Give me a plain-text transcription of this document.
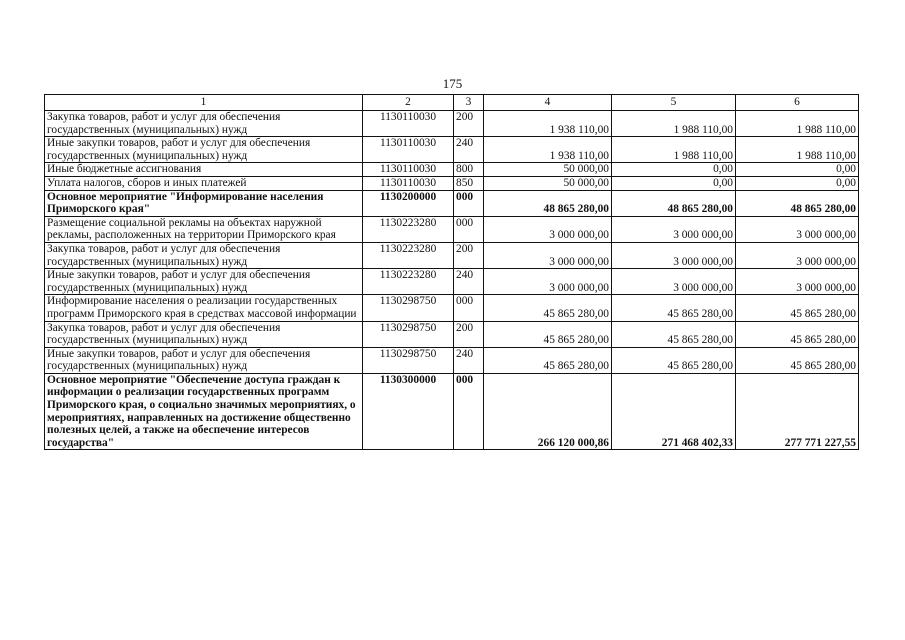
175
1	2	3	4	5	6
Закупка товаров, работ и услуг для обеспечения государственных (муниципальных) нужд	1130110030	200	1 938 110,00	1 988 110,00	1 988 110,00
Иные закупки товаров, работ и услуг для обеспечения государственных (муниципальных) нужд	1130110030	240	1 938 110,00	1 988 110,00	1 988 110,00
Иные бюджетные ассигнования	1130110030	800	50 000,00	0,00	0,00
Уплата налогов, сборов и иных платежей	1130110030	850	50 000,00	0,00	0,00
Основное мероприятие "Информирование населения Приморского края"	1130200000	000	48 865 280,00	48 865 280,00	48 865 280,00
Размещение социальной рекламы на объектах наружной рекламы, расположенных на территории Приморского края	1130223280	000	3 000 000,00	3 000 000,00	3 000 000,00
Закупка товаров, работ и услуг для обеспечения государственных (муниципальных) нужд	1130223280	200	3 000 000,00	3 000 000,00	3 000 000,00
Иные закупки товаров, работ и услуг для обеспечения государственных (муниципальных) нужд	1130223280	240	3 000 000,00	3 000 000,00	3 000 000,00
Информирование населения о реализации государственных программ Приморского края в средствах массовой информации	1130298750	000	45 865 280,00	45 865 280,00	45 865 280,00
Закупка товаров, работ и услуг для обеспечения государственных (муниципальных) нужд	1130298750	200	45 865 280,00	45 865 280,00	45 865 280,00
Иные закупки товаров, работ и услуг для обеспечения государственных (муниципальных) нужд	1130298750	240	45 865 280,00	45 865 280,00	45 865 280,00
Основное мероприятие "Обеспечение доступа граждан к информации о реализации государственных программ Приморского края, о социально значимых мероприятиях, о мероприятиях, направленных на достижение общественно полезных целей, а также на обеспечение интересов государства"	1130300000	000	266 120 000,86	271 468 402,33	277 771 227,55
